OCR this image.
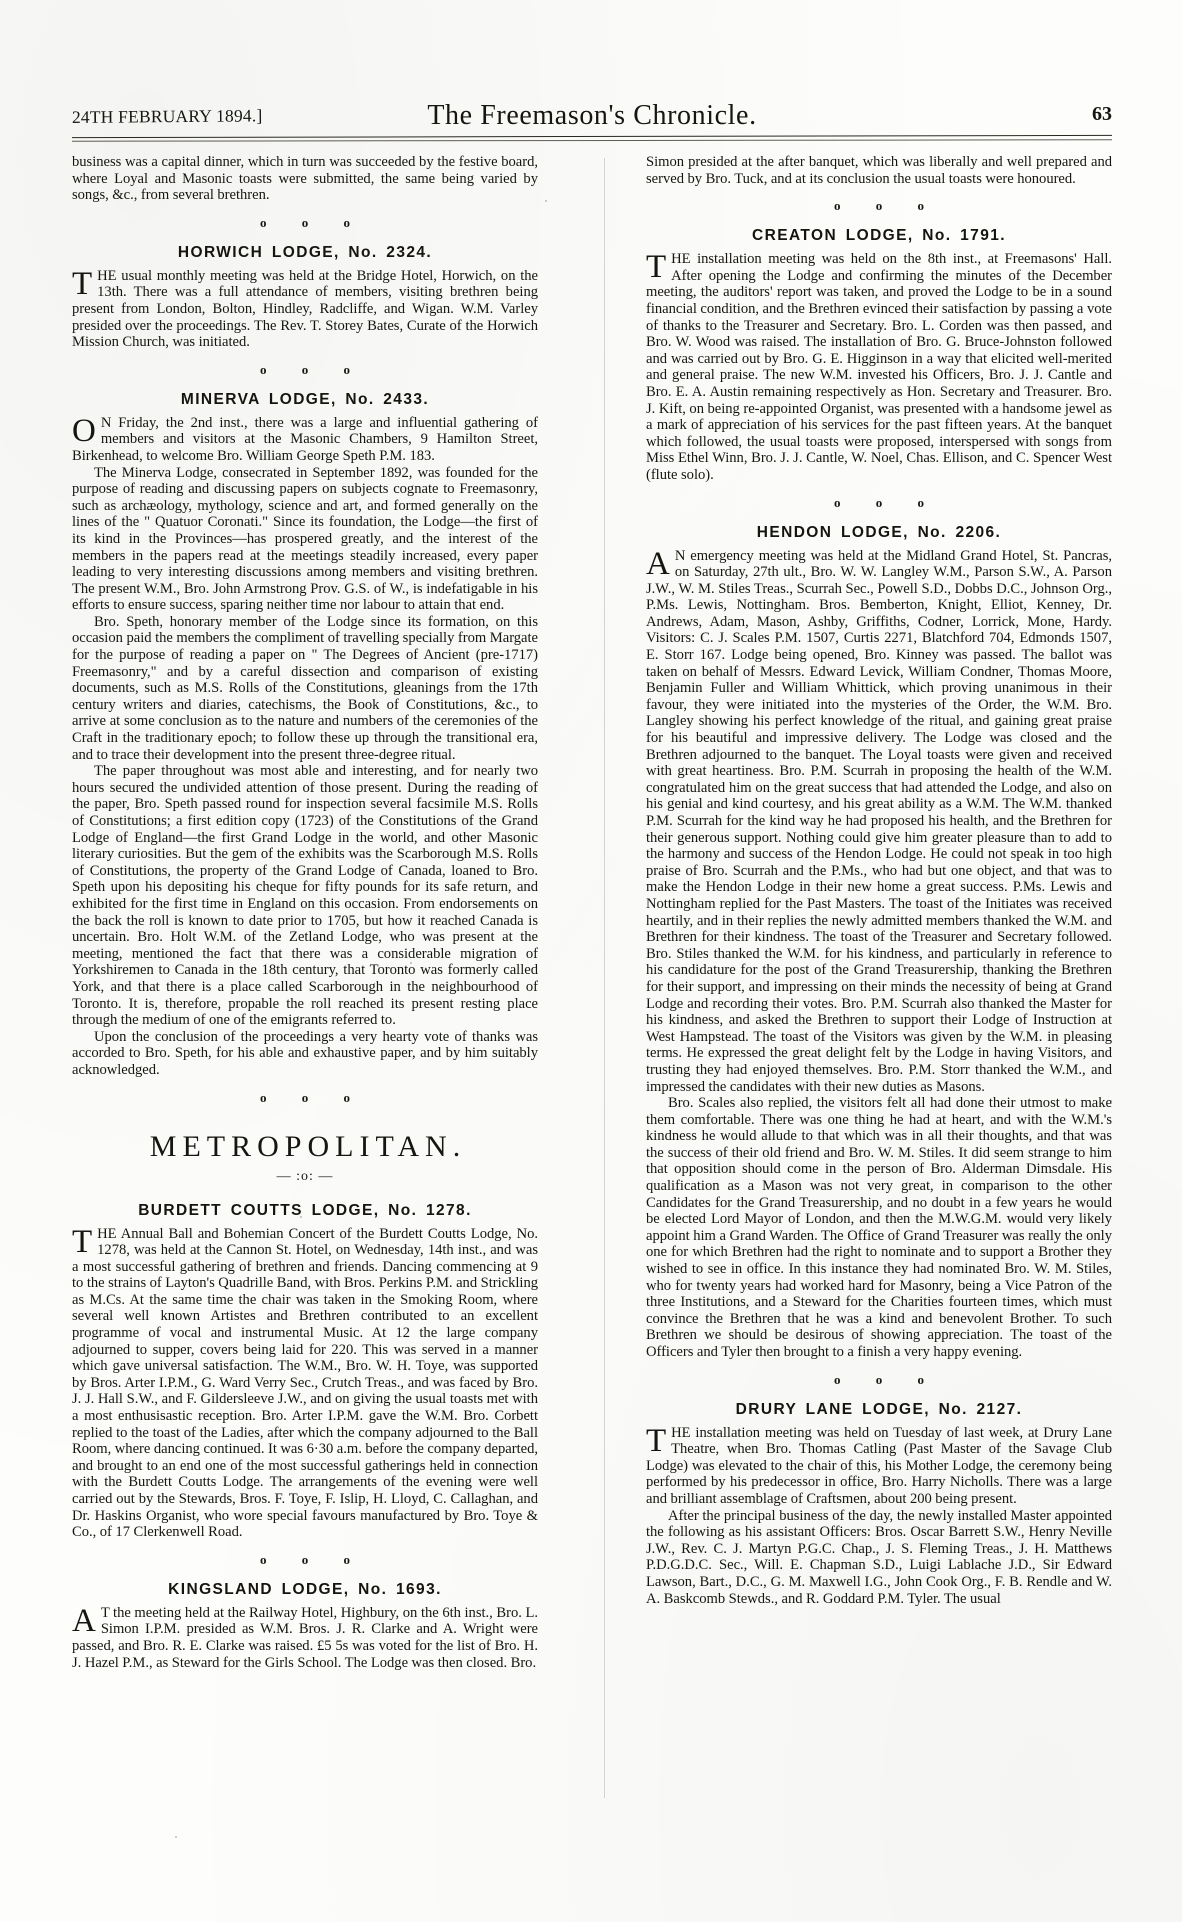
24TH FEBRUARY 1894.]	The Freemason's Chronicle.	63

business was a capital dinner, which in turn was succeeded by the festive board, where Loyal and Masonic toasts were submitted, the same being varied by songs, &c., from several brethren.

o o o
HORWICH LODGE, No. 2324.

THE usual monthly meeting was held at the Bridge Hotel, Horwich, on the 13th. There was a full attendance of members, visiting brethren being present from London, Bolton, Hindley, Radcliffe, and Wigan. W.M. Varley presided over the proceedings. The Rev. T. Storey Bates, Curate of the Horwich Mission Church, was initiated.

o o o
MINERVA LODGE, No. 2433.

O N Friday, the 2nd inst., there was a large and influential gathering of members and visitors at the Masonic Chambers, 9 Hamilton Street, Birkenhead, to welcome Bro. William George Speth P.M. 183.

The Minerva Lodge, consecrated in September 1892, was founded for the purpose of reading and discussing papers on subjects cognate to Freemasonry, such as archæology, mythology, science and art, and formed generally on the lines of the " Quatuor Coronati." Since its foundation, the Lodge—the first of its kind in the Provinces—has prospered greatly, and the interest of the members in the papers read at the meetings steadily increased, every paper leading to very interesting discussions among members and visiting brethren. The present W.M., Bro. John Armstrong Prov. G.S. of W., is indefatigable in his efforts to ensure success, sparing neither time nor labour to attain that end.

Bro. Speth, honorary member of the Lodge since its formation, on this occasion paid the members the compliment of travelling specially from Margate for the purpose of reading a paper on " The Degrees of Ancient (pre-1717) Freemasonry," and by a careful dissection and comparison of existing documents, such as M.S. Rolls of the Constitutions, gleanings from the 17th century writers and diaries, catechisms, the Book of Constitutions, &c., to arrive at some conclusion as to the nature and numbers of the ceremonies of the Craft in the traditionary epoch; to follow these up through the transitional era, and to trace their development into the present three-degree ritual.

The paper throughout was most able and interesting, and for nearly two hours secured the undivided attention of those present. During the reading of the paper, Bro. Speth passed round for inspection several facsimile M.S. Rolls of Constitutions; a first edition copy (1723) of the Constitutions of the Grand Lodge of England—the first Grand Lodge in the world, and other Masonic literary curiosities. But the gem of the exhibits was the Scarborough M.S. Rolls of Constitutions, the property of the Grand Lodge of Canada, loaned to Bro. Speth upon his depositing his cheque for fifty pounds for its safe return, and exhibited for the first time in England on this occasion. From endorsements on the back the roll is known to date prior to 1705, but how it reached Canada is uncertain. Bro. Holt W.M. of the Zetland Lodge, who was present at the meeting, mentioned the fact that there was a considerable migration of Yorkshiremen to Canada in the 18th century, that Toronto was formerly called York, and that there is a place called Scarborough in the neighbourhood of Toronto. It is, therefore, propable the roll reached its present resting place through the medium of one of the emigrants referred to.

Upon the conclusion of the proceedings a very hearty vote of thanks was accorded to Bro. Speth, for his able and exhaustive paper, and by him suitably acknowledged.

o o o
METROPOLITAN.
— :o: —
BURDETT COUTTS LODGE, No. 1278.

THE Annual Ball and Bohemian Concert of the Burdett Coutts Lodge, No. 1278, was held at the Cannon St. Hotel, on Wednesday, 14th inst., and was a most successful gathering of brethren and friends. Dancing commencing at 9 to the strains of Layton's Quadrille Band, with Bros. Perkins P.M. and Strickling as M.Cs. At the same time the chair was taken in the Smoking Room, where several well known Artistes and Brethren contributed to an excellent programme of vocal and instrumental Music. At 12 the large company adjourned to supper, covers being laid for 220. This was served in a manner which gave universal satisfaction. The W.M., Bro. W. H. Toye, was supported by Bros. Arter I.P.M., G. Ward Verry Sec., Crutch Treas., and was faced by Bro. J. J. Hall S.W., and F. Gildersleeve J.W., and on giving the usual toasts met with a most enthusisastic reception. Bro. Arter I.P.M. gave the W.M. Bro. Corbett replied to the toast of the Ladies, after which the company adjourned to the Ball Room, where dancing continued. It was 6·30 a.m. before the company departed, and brought to an end one of the most successful gatherings held in connection with the Burdett Coutts Lodge. The arrangements of the evening were well carried out by the Stewards, Bros. F. Toye, F. Islip, H. Lloyd, C. Callaghan, and Dr. Haskins Organist, who wore special favours manufactured by Bro. Toye & Co., of 17 Clerkenwell Road.

o o o
KINGSLAND LODGE, No. 1693.

A T the meeting held at the Railway Hotel, Highbury, on the 6th inst., Bro. L. Simon I.P.M. presided as W.M. Bros. J. R. Clarke and A. Wright were passed, and Bro. R. E. Clarke was raised. £5 5s was voted for the list of Bro. H. J. Hazel P.M., as Steward for the Girls School. The Lodge was then closed. Bro.

Simon presided at the after banquet, which was liberally and well prepared and served by Bro. Tuck, and at its conclusion the usual toasts were honoured.

o o o
CREATON LODGE, No. 1791.

THE installation meeting was held on the 8th inst., at Freemasons' Hall. After opening the Lodge and confirming the minutes of the December meeting, the auditors' report was taken, and proved the Lodge to be in a sound financial condition, and the Brethren evinced their satisfaction by passing a vote of thanks to the Treasurer and Secretary. Bro. L. Corden was then passed, and Bro. W. Wood was raised. The installation of Bro. G. Bruce-Johnston followed and was carried out by Bro. G. E. Higginson in a way that elicited well-merited and general praise. The new W.M. invested his Officers, Bro. J. J. Cantle and Bro. E. A. Austin remaining respectively as Hon. Secretary and Treasurer. Bro. J. Kift, on being re-appointed Organist, was presented with a handsome jewel as a mark of appreciation of his services for the past fifteen years. At the banquet which followed, the usual toasts were proposed, interspersed with songs from Miss Ethel Winn, Bro. J. J. Cantle, W. Noel, Chas. Ellison, and C. Spencer West (flute solo).

o o o
HENDON LODGE, No. 2206.

A N emergency meeting was held at the Midland Grand Hotel, St. Pancras, on Saturday, 27th ult., Bro. W. W. Langley W.M., Parson S.W., A. Parson J.W., W. M. Stiles Treas., Scurrah Sec., Powell S.D., Dobbs D.C., Johnson Org., P.Ms. Lewis, Nottingham. Bros. Bemberton, Knight, Elliot, Kenney, Dr. Andrews, Adam, Mason, Ashby, Griffiths, Codner, Lorrick, Mone, Hardy. Visitors: C. J. Scales P.M. 1507, Curtis 2271, Blatchford 704, Edmonds 1507, E. Storr 167. Lodge being opened, Bro. Kinney was passed. The ballot was taken on behalf of Messrs. Edward Levick, William Condner, Thomas Moore, Benjamin Fuller and William Whittick, which proving unanimous in their favour, they were initiated into the mysteries of the Order, the W.M. Bro. Langley showing his perfect knowledge of the ritual, and gaining great praise for his beautiful and impressive delivery. The Lodge was closed and the Brethren adjourned to the banquet. The Loyal toasts were given and received with great heartiness. Bro. P.M. Scurrah in proposing the health of the W.M. congratulated him on the great success that had attended the Lodge, and also on his genial and kind courtesy, and his great ability as a W.M. The W.M. thanked P.M. Scurrah for the kind way he had proposed his health, and the Brethren for their generous support. Nothing could give him greater pleasure than to add to the harmony and success of the Hendon Lodge. He could not speak in too high praise of Bro. Scurrah and the P.Ms., who had but one object, and that was to make the Hendon Lodge in their new home a great success. P.Ms. Lewis and Nottingham replied for the Past Masters. The toast of the Initiates was received heartily, and in their replies the newly admitted members thanked the W.M. and Brethren for their kindness. The toast of the Treasurer and Secretary followed. Bro. Stiles thanked the W.M. for his kindness, and particularly in reference to his candidature for the post of the Grand Treasurership, thanking the Brethren for their support, and impressing on their minds the necessity of being at Grand Lodge and recording their votes. Bro. P.M. Scurrah also thanked the Master for his kindness, and asked the Brethren to support their Lodge of Instruction at West Hampstead. The toast of the Visitors was given by the W.M. in pleasing terms. He expressed the great delight felt by the Lodge in having Visitors, and trusting they had enjoyed themselves. Bro. P.M. Storr thanked the W.M., and impressed the candidates with their new duties as Masons.

Bro. Scales also replied, the visitors felt all had done their utmost to make them comfortable. There was one thing he had at heart, and with the W.M.'s kindness he would allude to that which was in all their thoughts, and that was the success of their old friend and Bro. W. M. Stiles. It did seem strange to him that opposition should come in the person of Bro. Alderman Dimsdale. His qualification as a Mason was not very great, in comparison to the other Candidates for the Grand Treasurership, and no doubt in a few years he would be elected Lord Mayor of London, and then the M.W.G.M. would very likely appoint him a Grand Warden. The Office of Grand Treasurer was really the only one for which Brethren had the right to nominate and to support a Brother they wished to see in office. In this instance they had nominated Bro. W. M. Stiles, who for twenty years had worked hard for Masonry, being a Vice Patron of the three Institutions, and a Steward for the Charities fourteen times, which must convince the Brethren that he was a kind and benevolent Brother. To such Brethren we should be desirous of showing appreciation. The toast of the Officers and Tyler then brought to a finish a very happy evening.

o o o
DRURY LANE LODGE, No. 2127.

THE installation meeting was held on Tuesday of last week, at Drury Lane Theatre, when Bro. Thomas Catling (Past Master of the Savage Club Lodge) was elevated to the chair of this, his Mother Lodge, the ceremony being performed by his predecessor in office, Bro. Harry Nicholls. There was a large and brilliant assemblage of Craftsmen, about 200 being present.

After the principal business of the day, the newly installed Master appointed the following as his assistant Officers: Bros. Oscar Barrett S.W., Henry Neville J.W., Rev. C. J. Martyn P.G.C. Chap., J. S. Fleming Treas., J. H. Matthews P.D.G.D.C. Sec., Will. E. Chapman S.D., Luigi Lablache J.D., Sir Edward Lawson, Bart., D.C., G. M. Maxwell I.G., John Cook Org., F. B. Rendle and W. A. Baskcomb Stewds., and R. Goddard P.M. Tyler. The usual
